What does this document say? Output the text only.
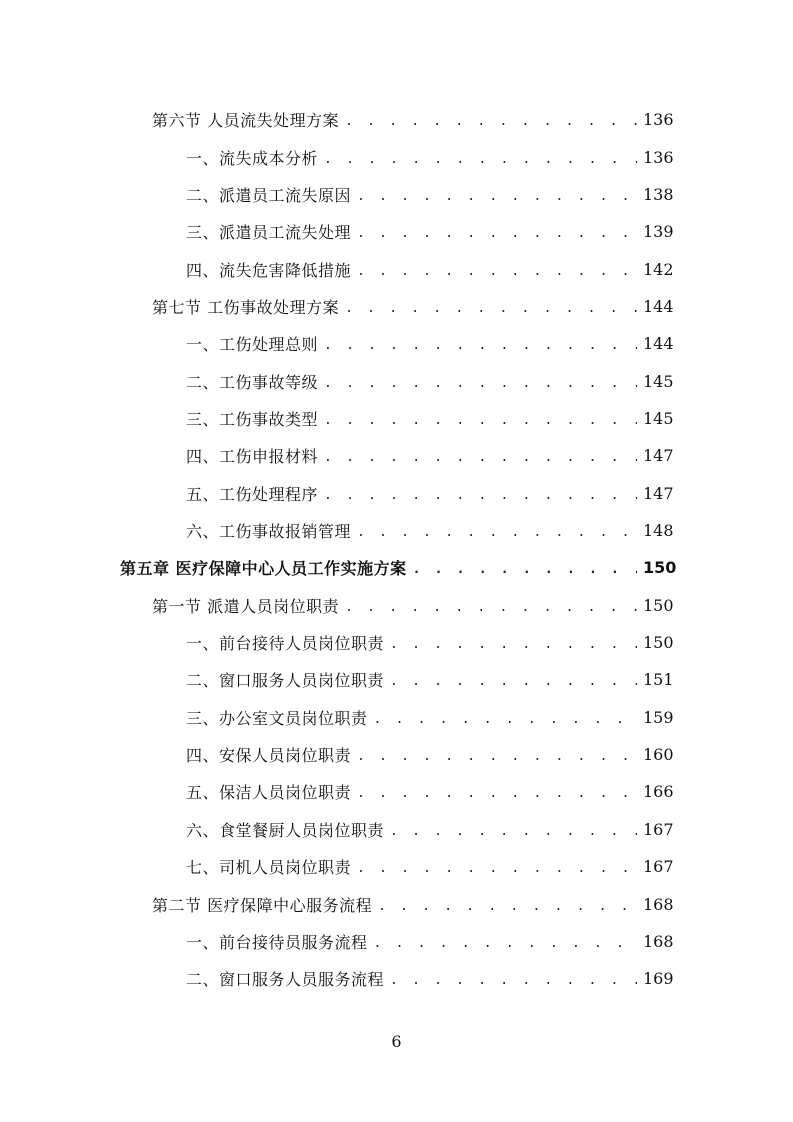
第六节 人员流失处理方案 . . .	136
一、流失成本分析 . . .	136
二、派遣员工流失原因 . . .	138
三、派遣员工流失处理 . . .	139
四、流失危害降低措施 . . .	142
第七节 工伤事故处理方案 . . .	144
一、工伤处理总则 . . .	144
二、工伤事故等级 . . .	145
三、工伤事故类型 . . .	145
四、工伤申报材料 . . .	147
五、工伤处理程序 . . .	147
六、工伤事故报销管理 . . .	148
第五章 医疗保障中心人员工作实施方案 . . .	150
第一节 派遣人员岗位职责 . . .	150
一、前台接待人员岗位职责 . . .	150
二、窗口服务人员岗位职责 . . .	151
三、办公室文员岗位职责 . . .	159
四、安保人员岗位职责 . . .	160
五、保洁人员岗位职责 . . .	166
六、食堂餐厨人员岗位职责 . . .	167
七、司机人员岗位职责 . . .	167
第二节 医疗保障中心服务流程 . . .	168
一、前台接待员服务流程 . . .	168
二、窗口服务人员服务流程 . . .	169
6
